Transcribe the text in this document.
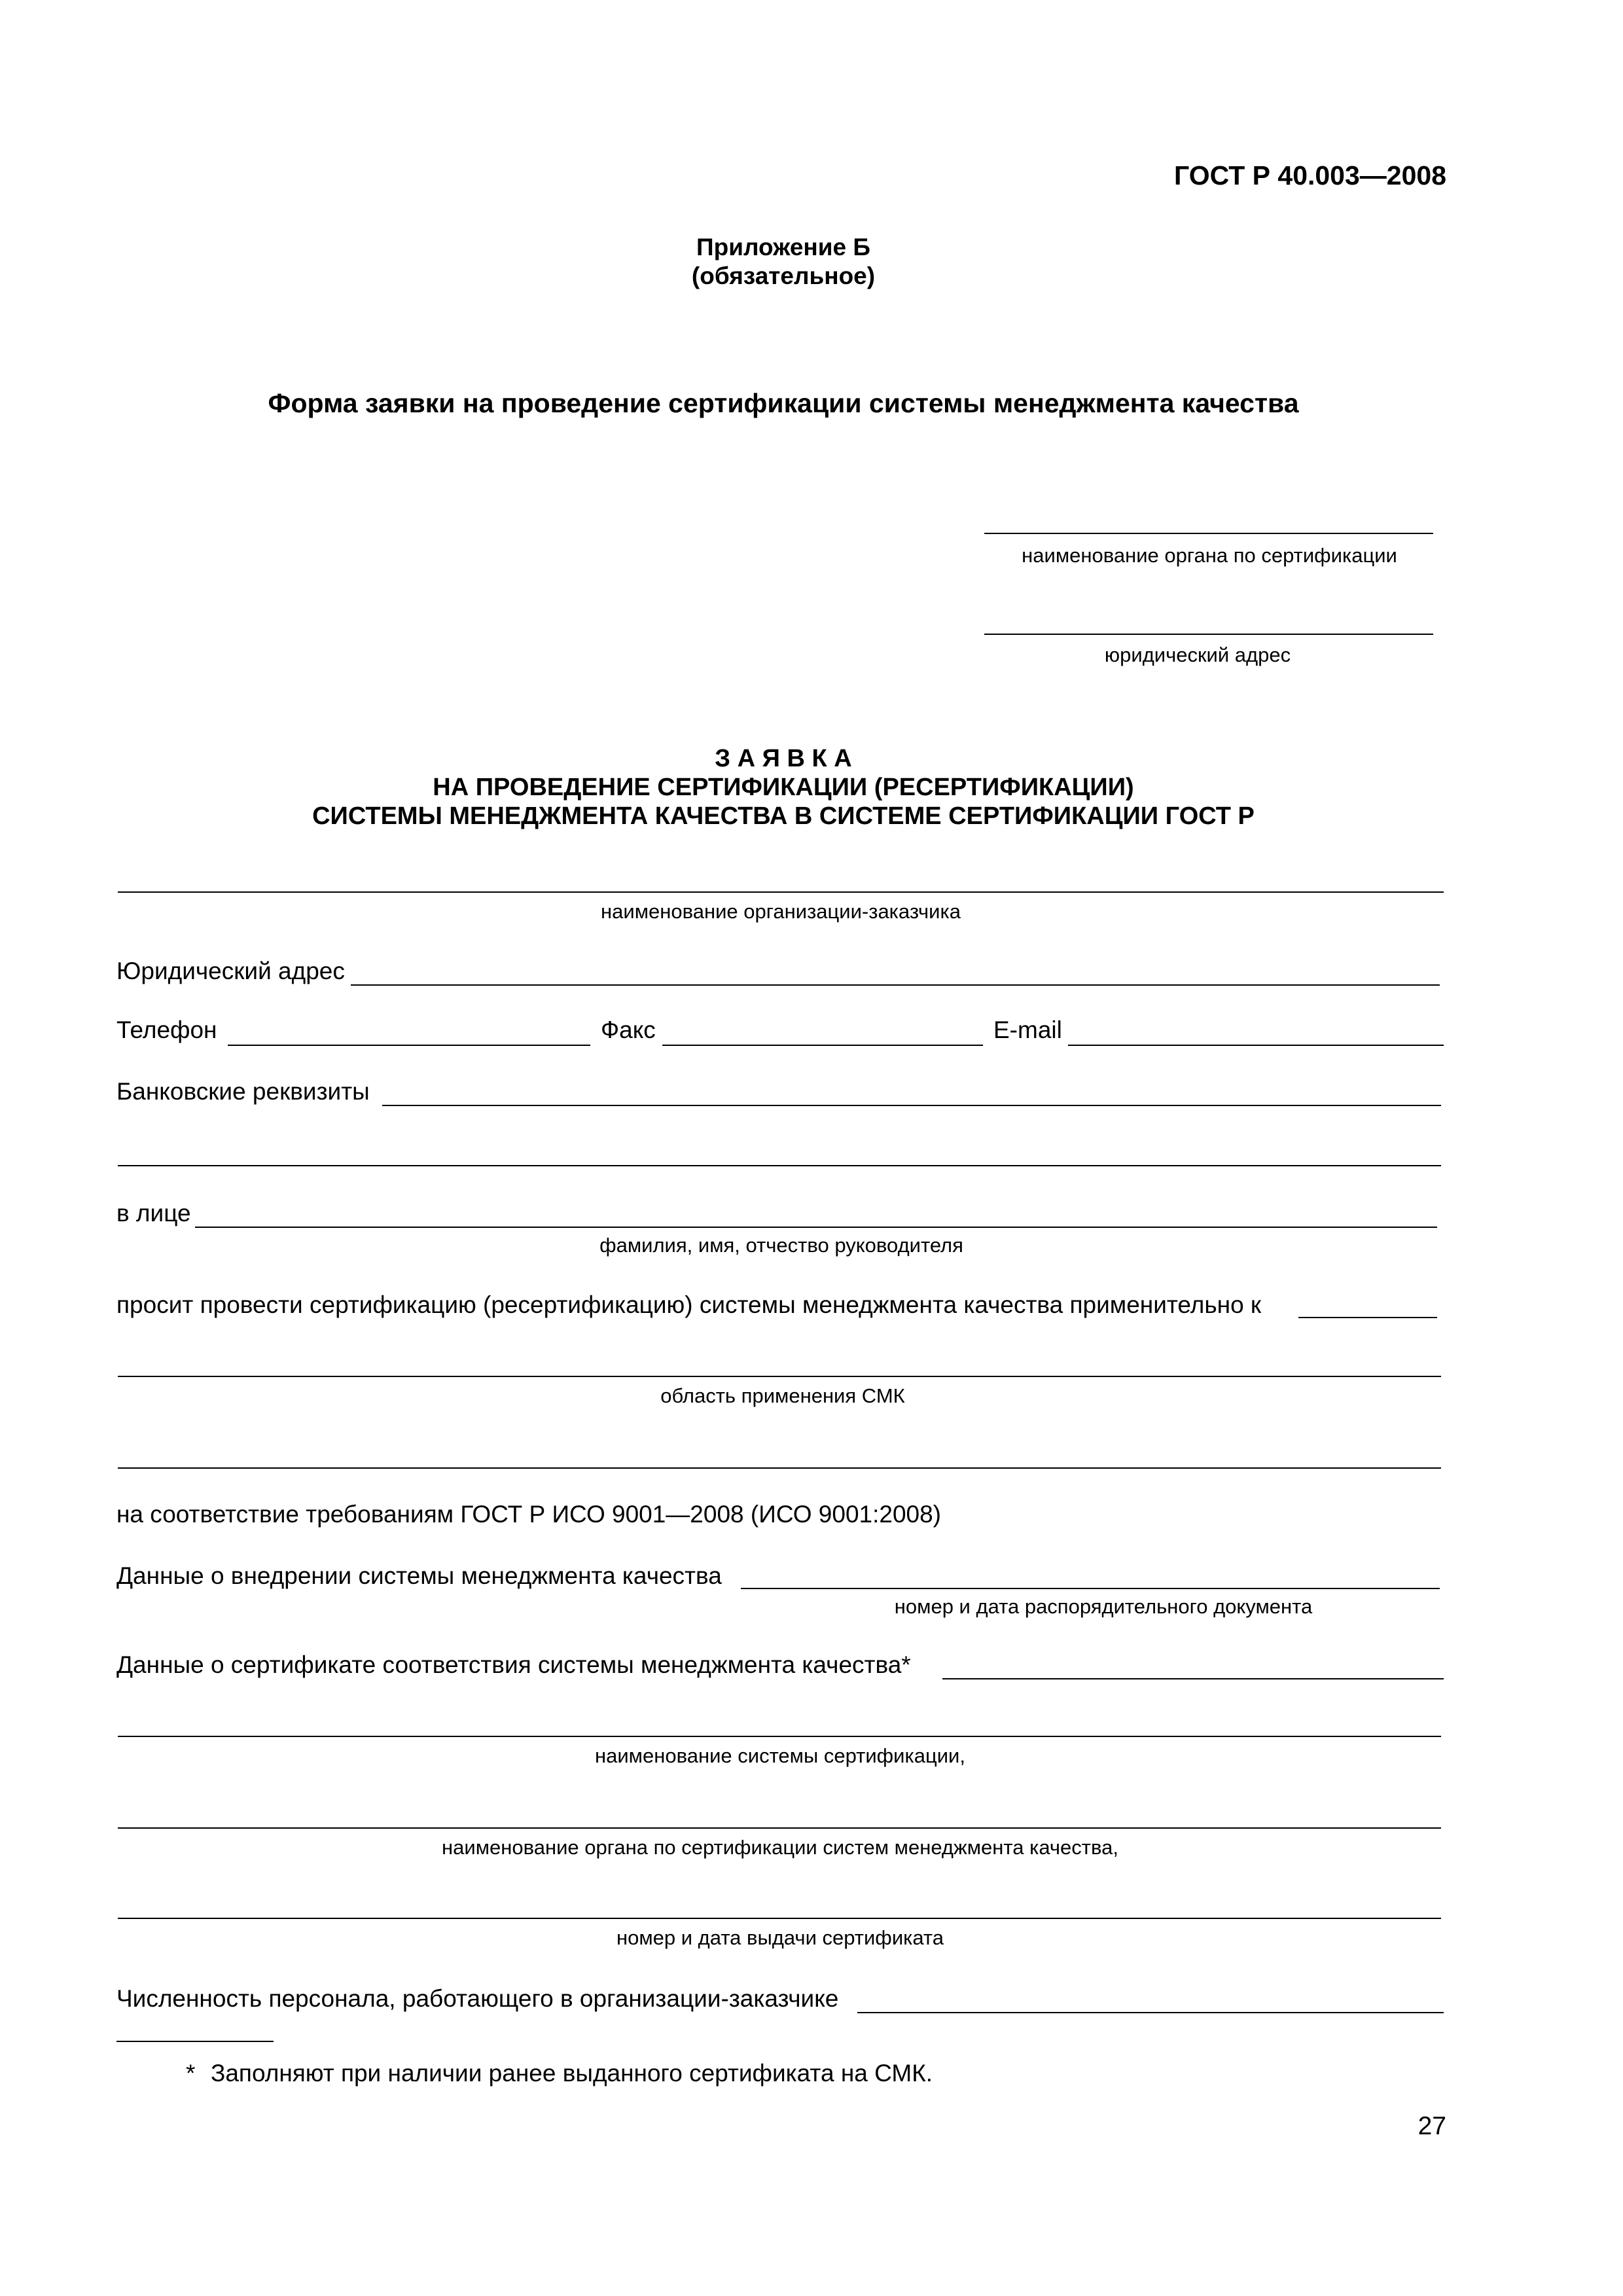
ГОСТ Р 40.003—2008
Приложение Б
(обязательное)
Форма заявки на проведение сертификации системы менеджмента качества
наименование органа по сертификации
юридический адрес
З А Я В К А
НА ПРОВЕДЕНИЕ СЕРТИФИКАЦИИ (РЕСЕРТИФИКАЦИИ)
СИСТЕМЫ МЕНЕДЖМЕНТА КАЧЕСТВА В СИСТЕМЕ СЕРТИФИКАЦИИ ГОСТ Р
наименование организации-заказчика
Юридический адрес
Телефон	Факс	E-mail
Банковские реквизиты
в лице
фамилия, имя, отчество руководителя
просит провести сертификацию (ресертификацию) системы менеджмента качества применительно к
область применения СМК
на соответствие требованиям ГОСТ Р ИСО 9001—2008 (ИСО 9001:2008)
Данные о внедрении системы менеджмента качества
номер и дата распорядительного документа
Данные о сертификате соответствия системы менеджмента качества*
наименование системы сертификации,
наименование органа по сертификации систем менеджмента качества,
номер и дата выдачи сертификата
Численность персонала, работающего в организации-заказчике
* Заполняют при наличии ранее выданного сертификата на СМК.
27
